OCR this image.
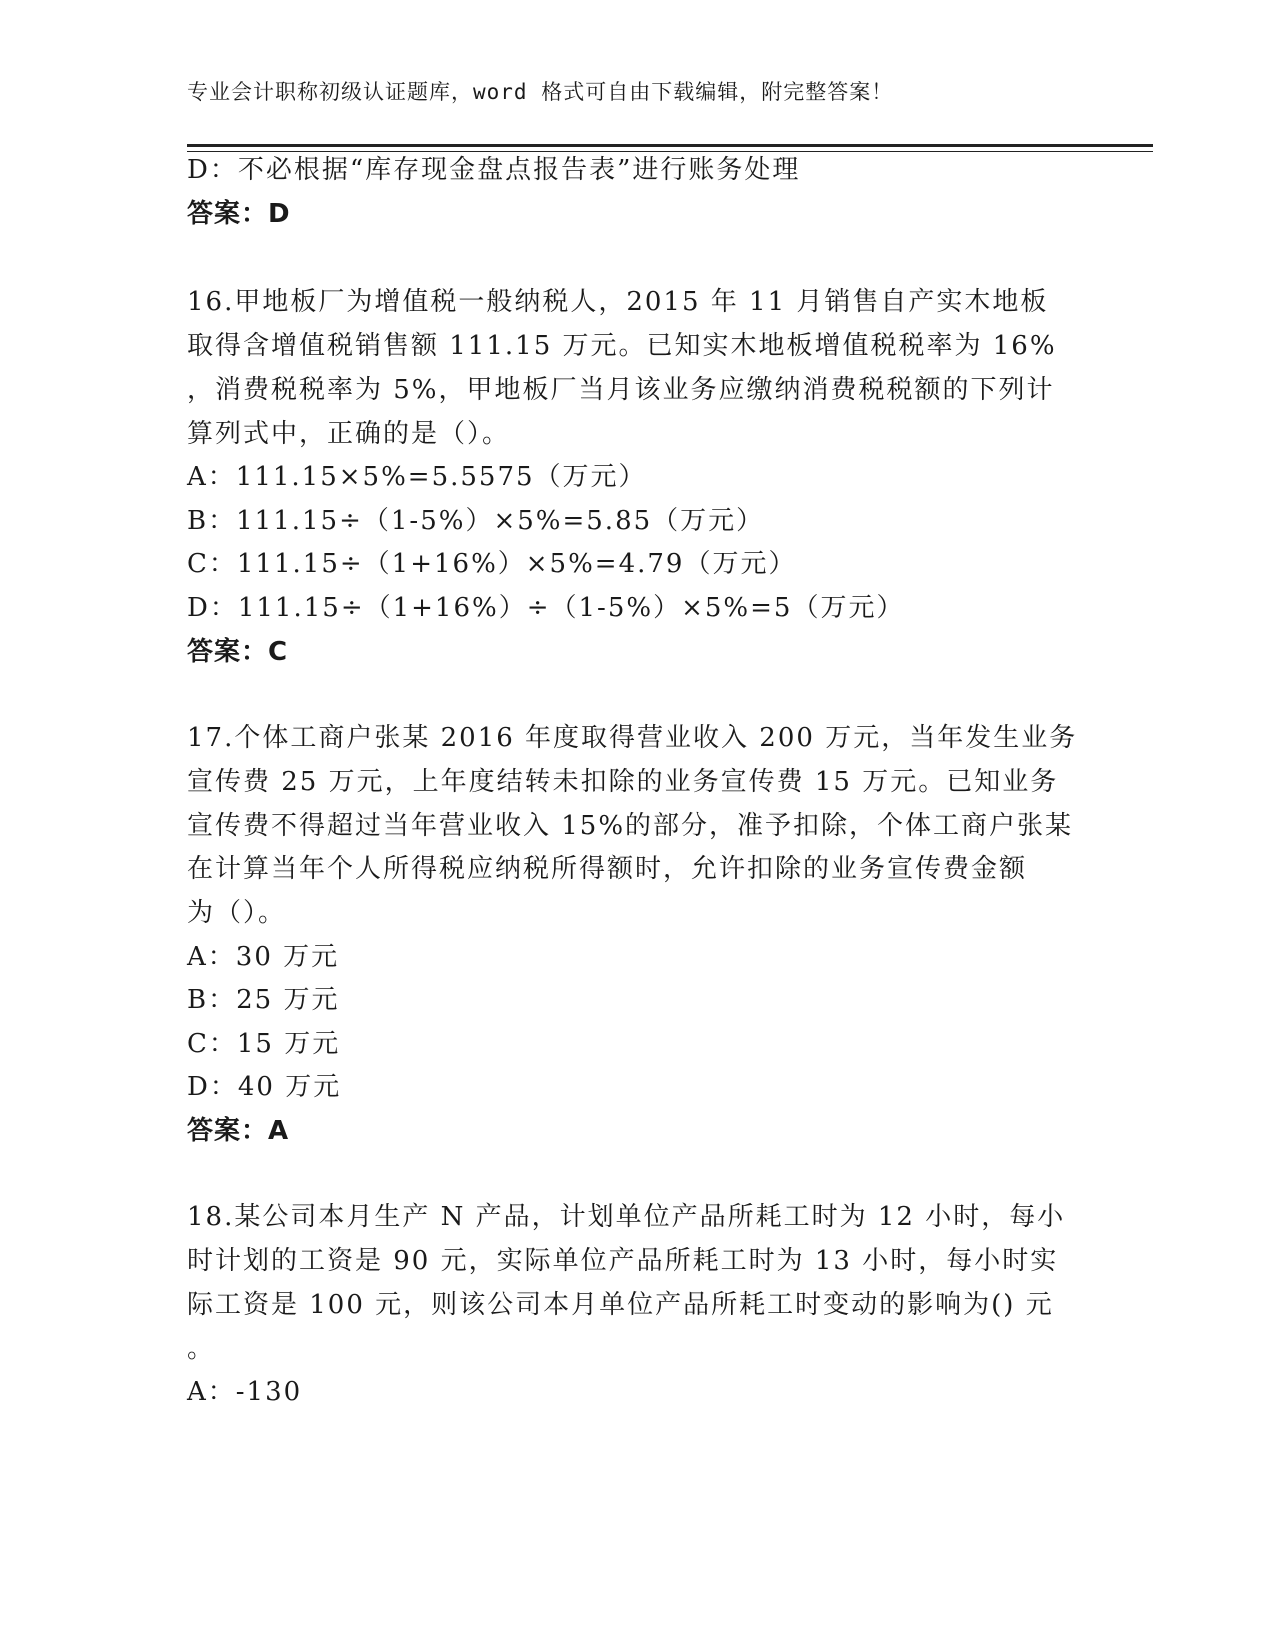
专业会计职称初级认证题库，word 格式可自由下载编辑，附完整答案！
D：不必根据“库存现金盘点报告表”进行账务处理
答案：D
16.甲地板厂为增值税一般纳税人，2015 年 11 月销售自产实木地板
取得含增值税销售额 111.15 万元。已知实木地板增值税税率为 16%
，消费税税率为 5%，甲地板厂当月该业务应缴纳消费税税额的下列计
算列式中，正确的是（）。
A：111.15×5%=5.5575（万元）
B：111.15÷（1-5%）×5%=5.85（万元）
C：111.15÷（1+16%）×5%=4.79（万元）
D：111.15÷（1+16%）÷（1-5%）×5%=5（万元）
答案：C
17.个体工商户张某 2016 年度取得营业收入 200 万元，当年发生业务
宣传费 25 万元，上年度结转未扣除的业务宣传费 15 万元。已知业务
宣传费不得超过当年营业收入 15%的部分，准予扣除，个体工商户张某
在计算当年个人所得税应纳税所得额时，允许扣除的业务宣传费金额
为（）。
A：30 万元
B：25 万元
C：15 万元
D：40 万元
答案：A
18.某公司本月生产 N 产品，计划单位产品所耗工时为 12 小时，每小
时计划的工资是 90 元，实际单位产品所耗工时为 13 小时，每小时实
际工资是 100 元，则该公司本月单位产品所耗工时变动的影响为() 元
。
A：-130
